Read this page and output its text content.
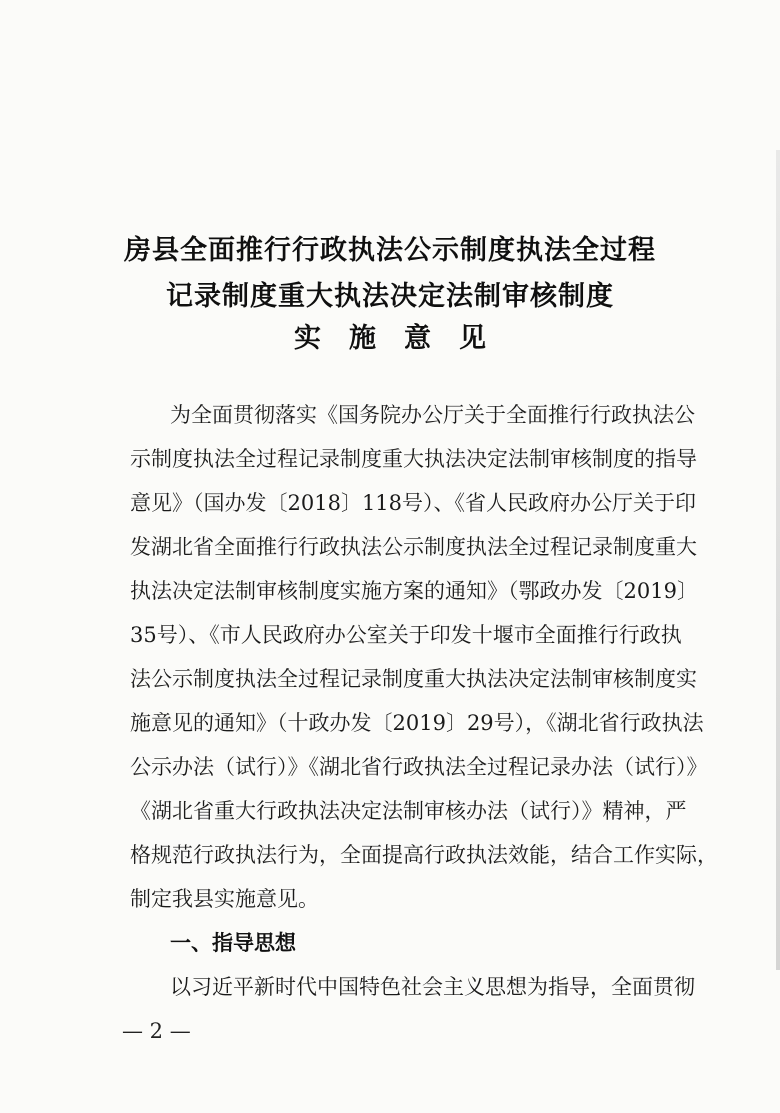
房县全面推行行政执法公示制度执法全过程
记录制度重大执法决定法制审核制度
实施意见
为全面贯彻落实《国务院办公厅关于全面推行行政执法公
示制度执法全过程记录制度重大执法决定法制审核制度的指导
意见》（国办发〔2018〕118号）、《省人民政府办公厅关于印
发湖北省全面推行行政执法公示制度执法全过程记录制度重大
执法决定法制审核制度实施方案的通知》（鄂政办发〔2019〕
35号）、《市人民政府办公室关于印发十堰市全面推行行政执
法公示制度执法全过程记录制度重大执法决定法制审核制度实
施意见的通知》（十政办发〔2019〕29号），《湖北省行政执法
公示办法（试行）》《湖北省行政执法全过程记录办法（试行）》
《湖北省重大行政执法决定法制审核办法（试行）》精神，严
格规范行政执法行为，全面提高行政执法效能，结合工作实际，
制定我县实施意见。
一、指导思想
以习近平新时代中国特色社会主义思想为指导，全面贯彻
— 2 —
